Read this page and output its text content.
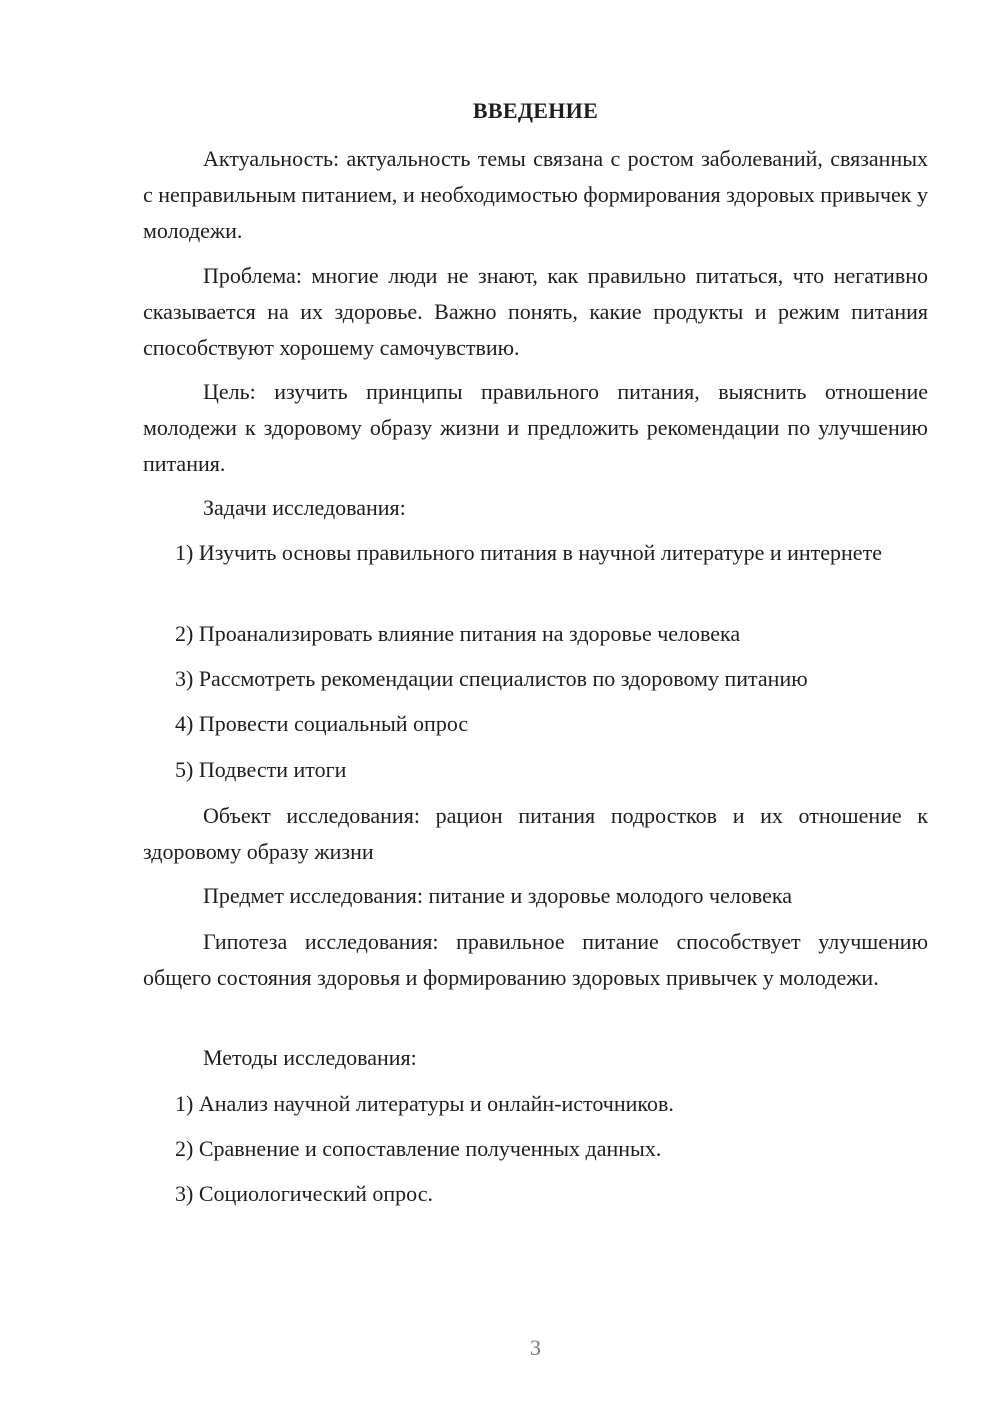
ВВЕДЕНИЕ

Актуальность: актуальность темы связана с ростом заболеваний, связанных с неправильным питанием, и необходимостью формирования здоровых привычек у молодежи.

Проблема: многие люди не знают, как правильно питаться, что негативно сказывается на их здоровье. Важно понять, какие продукты и режим питания способствуют хорошему самочувствию.

Цель: изучить принципы правильного питания, выяснить отношение молодежи к здоровому образу жизни и предложить рекомендации по улучшению питания.

Задачи исследования:

1) Изучить основы правильного питания в научной литературе и интернете

2) Проанализировать влияние питания на здоровье человека

3) Рассмотреть рекомендации специалистов по здоровому питанию

4) Провести социальный опрос

5) Подвести итоги

Объект исследования: рацион питания подростков и их отношение к здоровому образу жизни

Предмет исследования: питание и здоровье молодого человека

Гипотеза исследования: правильное питание способствует улучшению общего состояния здоровья и формированию здоровых привычек у молодежи.

Методы исследования:

1) Анализ научной литературы и онлайн-источников.

2) Сравнение и сопоставление полученных данных.

3) Социологический опрос.

3
